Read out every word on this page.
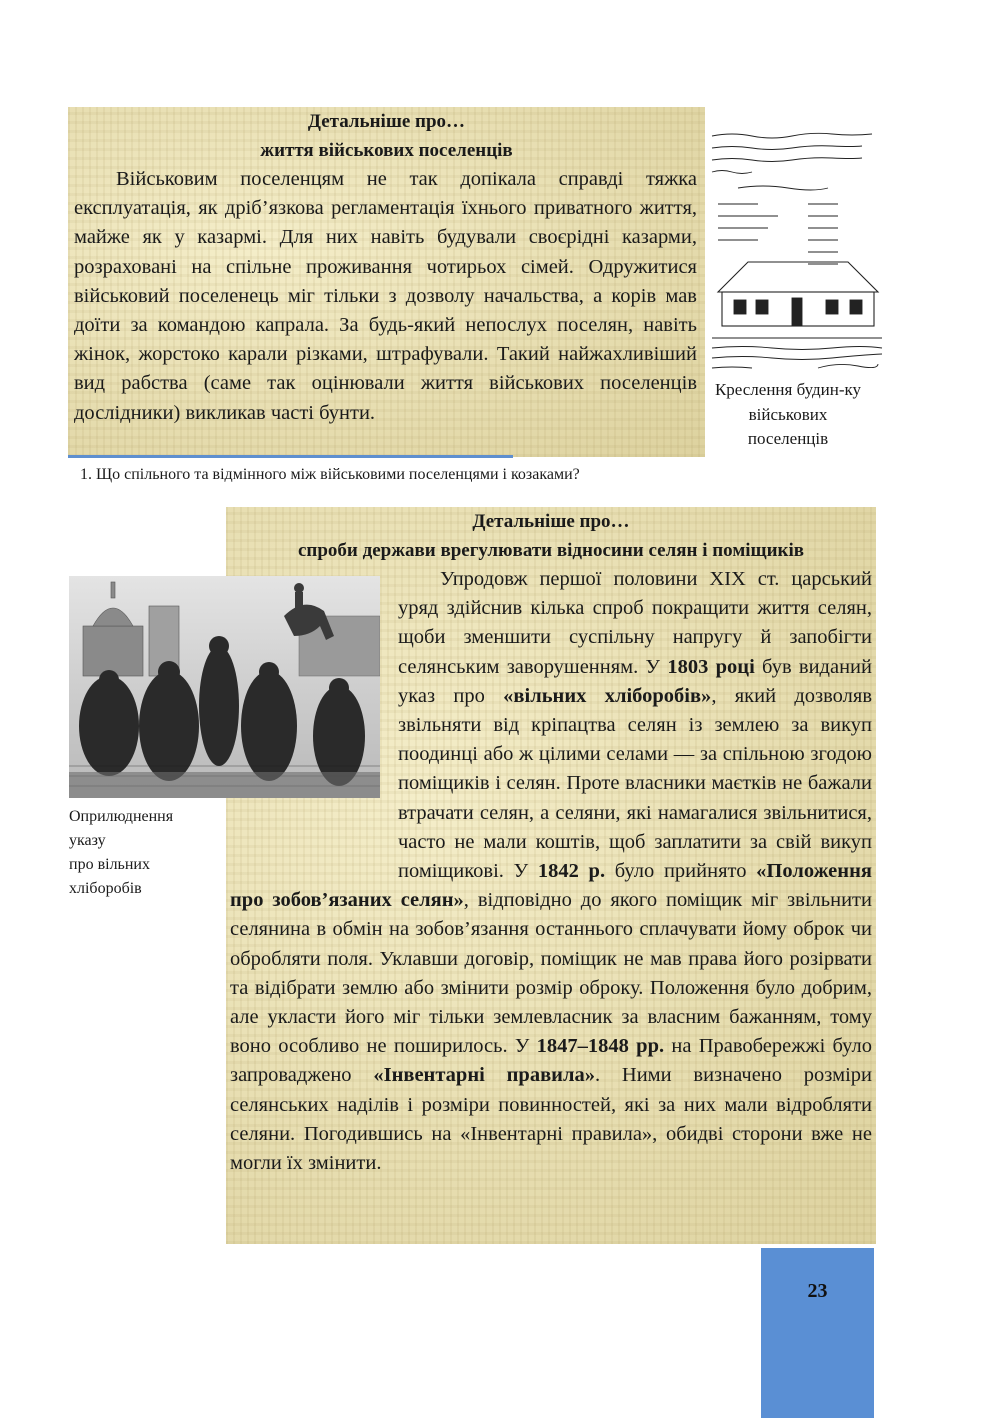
Детальніше про…
життя військових поселенців
Військовим поселенцям не так допікала справді тяжка експлуатація, як дріб’язкова регламентація їхнього приватного життя, майже як у казармі. Для них навіть будували своєрідні казарми, розраховані на спільне проживання чотирьох сімей. Одружитися військовий поселенець міг тільки з дозволу начальства, а корів мав доїти за командою капрала. За будь-який непослух поселян, навіть жінок, жорстоко карали різками, штрафували. Такий найжахливіший вид рабства (саме так оцінювали життя військових поселенців дослідники) викликав часті бунти.
Креслення будин-ку військових поселенців
1. Що спільного та відмінного між військовими поселенцями і козаками?
Детальніше про…
спроби держави врегулювати відносини селян і поміщиків
Упродовж першої половини XIX ст. царський уряд здійснив кілька спроб покращити життя селян, щоби зменшити суспільну напругу й запобігти селянським заворушенням. У 1803 році був виданий указ про «вільних хліборобів», який дозволяв звільняти від кріпацтва селян із землею за викуп поодинці або ж цілими селами — за спільною згодою поміщиків і селян. Проте власники маєтків не бажали втрачати селян, а селяни, які намагалися звільнитися, часто не мали коштів, щоб заплатити за свій викуп поміщикові. У 1842 р. було прийнято «Положення про зобов’язаних селян», відповідно до якого поміщик міг звільнити селянина в обмін на зобов’язання останнього сплачувати йому оброк чи обробляти поля. Уклавши договір, поміщик не мав права його розірвати та відібрати землю або змінити розмір оброку. Положення було добрим, але укласти його міг тільки землевласник за власним бажанням, тому воно особливо не поширилось. У 1847–1848 рр. на Правобережжі було запроваджено «Інвентарні правила». Ними визначено розміри селянських наділів і розміри повинностей, які за них мали відробляти селяни. Погодившись на «Інвентарні правила», обидві сторони вже не могли їх змінити.
Оприлюднення
указу
про вільних
хліборобів
23
